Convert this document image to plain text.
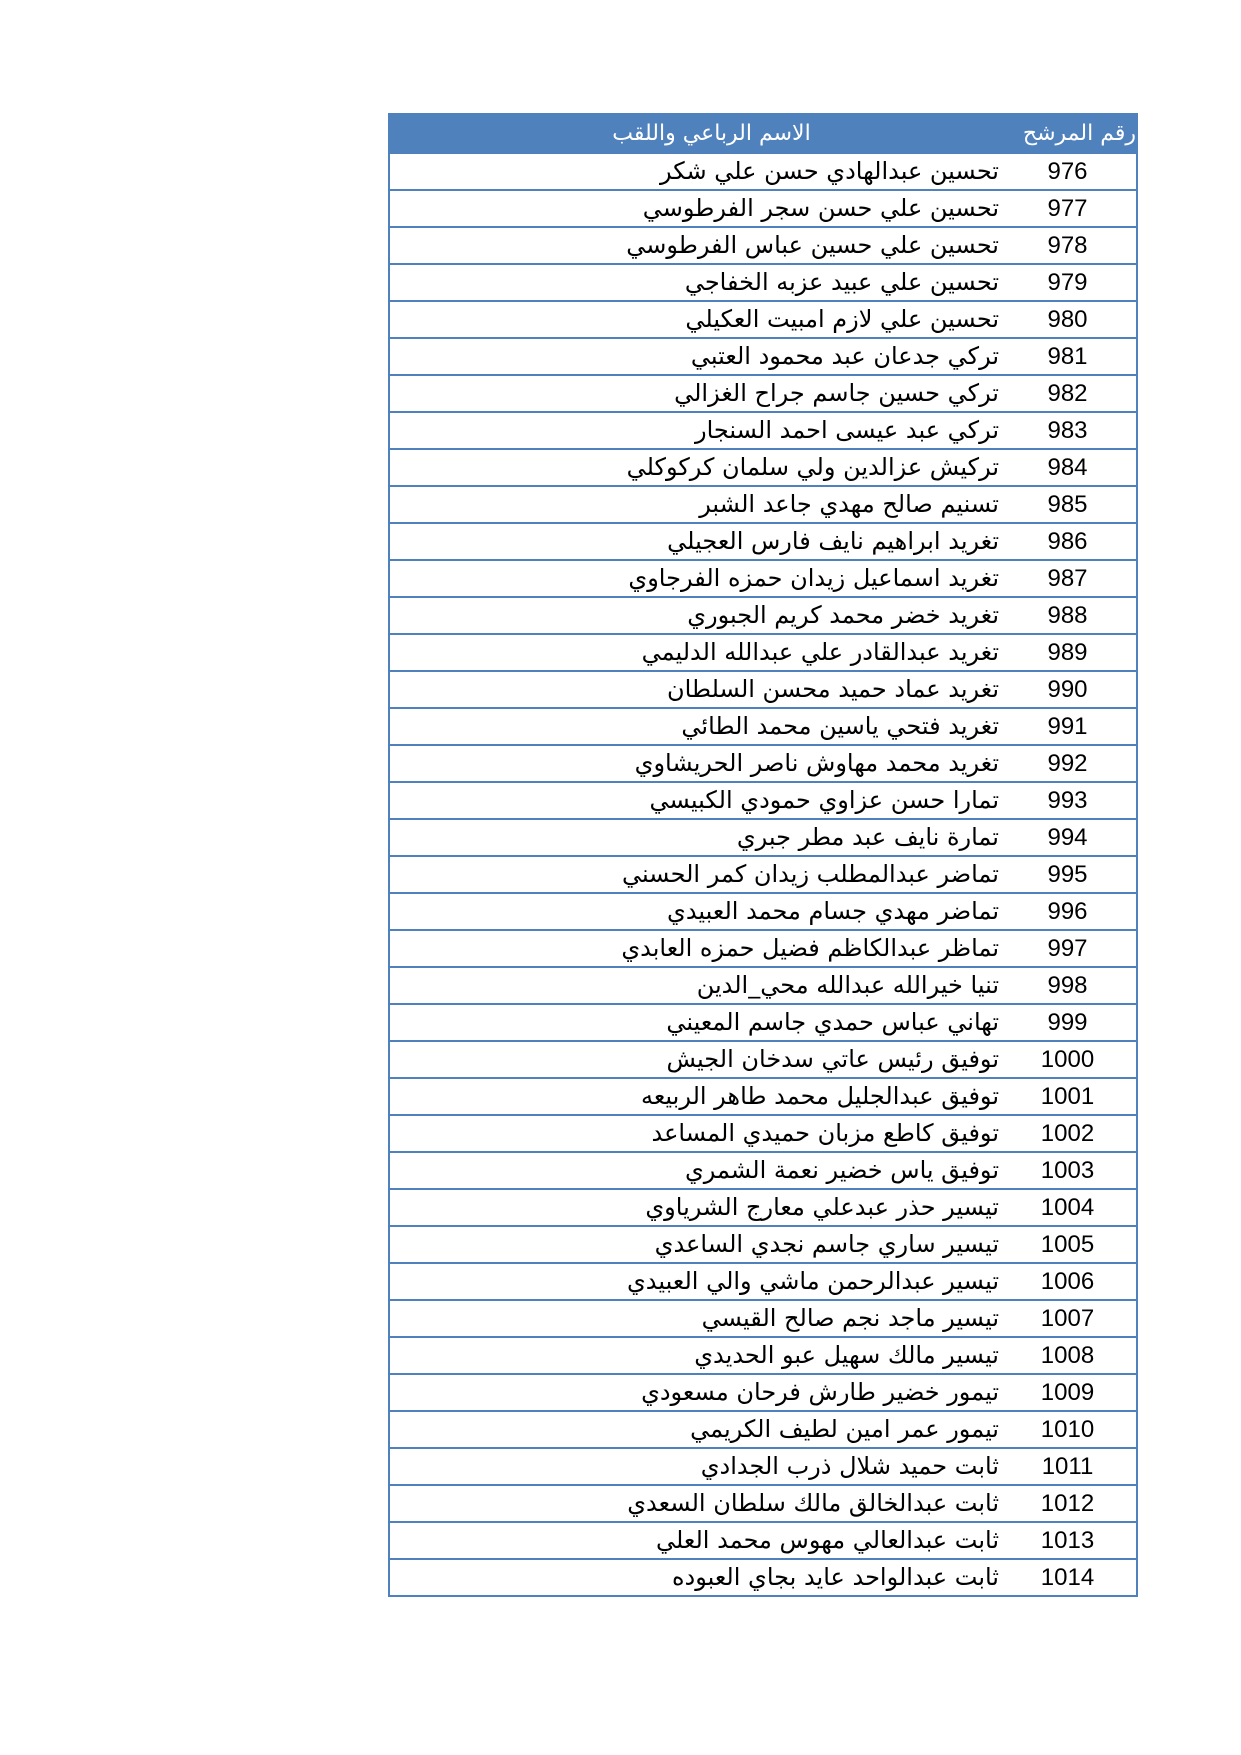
الاسم الرباعي واللقب	رقم المرشح
تحسين عبدالهادي حسن علي شكر	976
تحسين علي حسن سجر الفرطوسي	977
تحسين علي حسين عباس الفرطوسي	978
تحسين علي عبيد عزبه الخفاجي	979
تحسين علي لازم امبيت العكيلي	980
تركي جدعان عبد محمود العتبي	981
تركي حسين جاسم جراح الغزالي	982
تركي عبد عيسى احمد السنجار	983
تركيش عزالدين ولي سلمان كركوكلي	984
تسنيم صالح مهدي جاعد الشبر	985
تغريد ابراهيم نايف فارس العجيلي	986
تغريد اسماعيل زيدان حمزه الفرجاوي	987
تغريد خضر محمد كريم الجبوري	988
تغريد عبدالقادر علي عبدالله الدليمي	989
تغريد عماد حميد محسن السلطان	990
تغريد فتحي ياسين محمد الطائي	991
تغريد محمد مهاوش ناصر الحريشاوي	992
تمارا حسن عزاوي حمودي الكبيسي	993
تمارة نايف عبد مطر جبري	994
تماضر عبدالمطلب زيدان كمر الحسني	995
تماضر مهدي جسام محمد العبيدي	996
تماظر عبدالكاظم فضيل حمزه العابدي	997
تنيا خيرالله عبدالله محي_الدين	998
تهاني عباس حمدي جاسم المعيني	999
توفيق رئيس عاتي سدخان الجيش	1000
توفيق عبدالجليل محمد طاهر الربيعه	1001
توفيق كاطع مزبان حميدي المساعد	1002
توفيق ياس خضير نعمة الشمري	1003
تيسير حذر عبدعلي معارج الشرياوي	1004
تيسير ساري جاسم نجدي الساعدي	1005
تيسير عبدالرحمن ماشي والي العبيدي	1006
تيسير ماجد نجم صالح القيسي	1007
تيسير مالك سهيل عبو الحديدي	1008
تيمور خضير طارش فرحان مسعودي	1009
تيمور عمر امين لطيف الكريمي	1010
ثابت حميد شلال ذرب الجدادي	1011
ثابت عبدالخالق مالك سلطان السعدي	1012
ثابت عبدالعالي مهوس محمد العلي	1013
ثابت عبدالواحد عايد بجاي العبوده	1014
